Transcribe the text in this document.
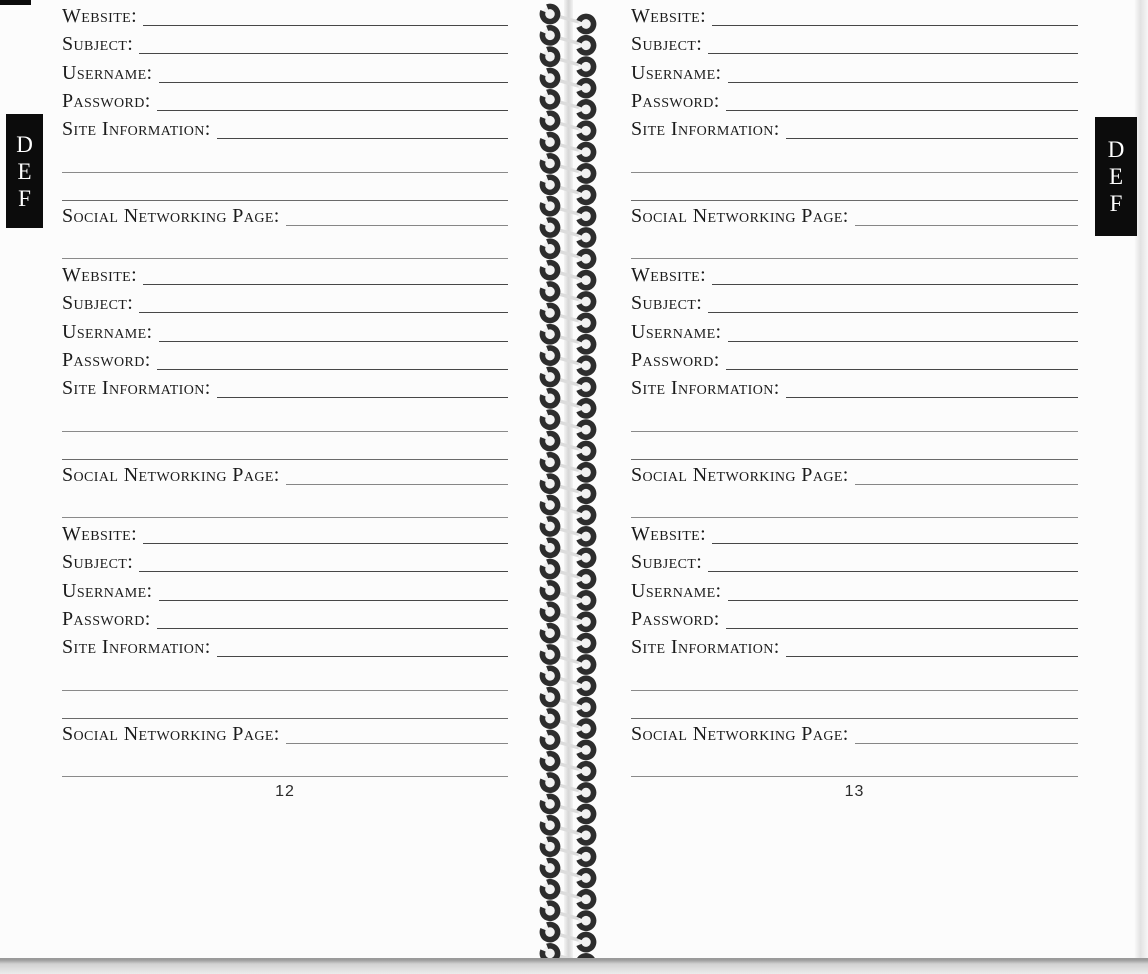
Website:
Subject:
Username:
Password:
Site Information:
Social Networking Page:
Website:
Subject:
Username:
Password:
Site Information:
Social Networking Page:
Website:
Subject:
Username:
Password:
Site Information:
Social Networking Page:
12
Website:
Subject:
Username:
Password:
Site Information:
Social Networking Page:
Website:
Subject:
Username:
Password:
Site Information:
Social Networking Page:
Website:
Subject:
Username:
Password:
Site Information:
Social Networking Page:
13
D
E
F
D
E
F
